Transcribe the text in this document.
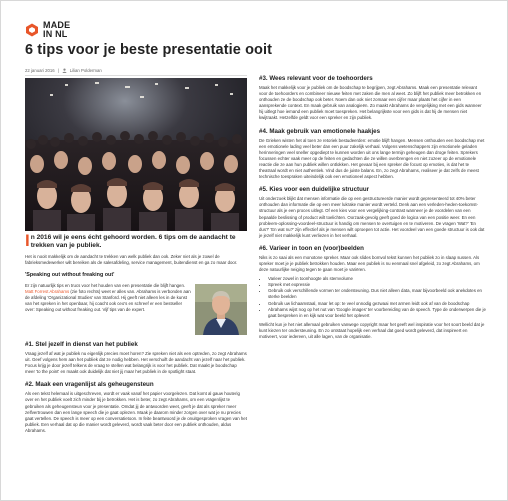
MADE
IN NL
6 tips voor je beste presentatie ooit
22 januari 2016 |	Lilian Polderman

In 2016 wil je eens écht gehoord worden. 6 tips om de aandacht te trekken van je publiek.

Het is nooit makkelijk om de aandacht te trekken van welk publiek dan ook. Zeker niet als je zowel de fabrieksmedewerker wilt bereiken als de salesafdeling, service management, buitendienst en ga zo maar door.

'Speaking out without freaking out'

Er zijn natuurlijk tips en trucs voor het houden van een presentatie die blijft hangen. Matt Forrest Abrahams (zie foto rechts) weet er alles van. Abrahams is verbonden aan de afdeling 'Organizational Studies' van Stanford. Hij geeft niet alleen les in de kunst van het spreken in het openbaar, hij coacht ook ceo's en schreef er een bestseller over: Speaking out without freaking out. Vijf tips van de expert.

#1. Stel jezelf in dienst van het publiek

Vraag jezelf af wat je publiek nu eigenlijk precies moet horen? Zie spreken niet als een optreden, zo zegt Abrahams uit. Geef volgens hem aan het publiek dat ze nodig hebben. Het verschuift de aandacht van jezelf naar het publiek. Focus krijg je door jezelf telkens de vraag te stellen wat belangrijk is voor het publiek. Dat maakt je boodschap meer 'to the point' en maakt ook duidelijk dat niet jij maar het publiek in de spotlight staat.

#2. Maak een vragenlijst als geheugensteun

Als een tekst helemaal is uitgeschreven, wordt er vaak vanaf het papier voorgelezen. Dat komt al gauw houterig over en het publiek voelt zich minder bij je betrokken. Het is beter, zo zegt Abrahams, om een vragenlijst te gebruiken als geheugensteun voor je presentatie. Omdat jij de antwoorden weet, geeft je dat als spreker meer zelfvertrouwen dan een lange speech die je gaat oplezen. Maak je daarom minder zorgen over wat je nu precies gaat vertellen. De speech is meer op een conversatietoon. In feite beantwoord je de onuitgesproken vragen van het publiek. Een verhaal dat op die manier wordt geleverd, wordt vaak beter door een publiek onthouden, aldus Abrahams.

#3. Wees relevant voor de toehoorders

Maak het makkelijk voor je publiek om de boodschap te begrijpen, zegt Abrahams. Maak een presentatie relevant voor de toehoorders en combineer nieuwe feiten met zaken die men al weet. Zo blijft het publiek meer betrokken en onthouden ze de boodschap ook beter. Noem dan ook niet zomaar een cijfer maar plaats het cijfer in een aansprekende context. En maak gebruik van analogieën. Zo maakt Abrahams de vergelijking met een gids wanneer hij uitlegt hoe iemand een publiek moet toespreken. Het belangrijkste voor een gids is dat hij de mensen niet kwijtraakt. Hetzelfde geldt voor een spreker en zijn publiek.

#4. Maak gebruik van emotionele haakjes

De Grieken wisten het al toen ze retoriek bestudeerden: emotie blijft hangen. Mensen onthouden een boodschap met een emotionele lading veel beter dan een puur zakelijk verhaal. Volgens wetenschappers zijn emotionele geladen herinneringen veel sneller opgediept te kunnen worden uit ons lange termijn geheugen dan droge feiten. Sprekers focussen echter vaak meer op de feiten en gedachten die ze willen overbrengen en niet zozeer op de emotionele reactie die ze aan hun publiek willen ontlokken. Het gevaar bij een spreker die focust op emoties, is dat het te theatraal wordt en niet authentiek. Vind dus de juiste balans. En, zo zegt Abrahams, realiseer je dat zelfs de meest technische toespraken uiteindelijk ook een emotioneel aspect hebben.

#5. Kies voor een duidelijke structuur

Uit onderzoek blijkt dat mensen informatie die op een gestructureerde manier wordt gepresenteerd tot 40% beter onthouden dan informatie die op een meer lukrake manier wordt verteld. Denk aan een verleden-heden-toekomst-structuur als je een proces uitlegt. Of een kies voor een vergelijking-contrast wanneer je de voordelen van een bepaalde beslissing of product wilt toelichten. Oorzaak-gevolg geeft goed de logica van een positie weer. En een probleem-oplossing-voordeel-structuur is handig om mensen te overtuigen en te motiveren. De vragen 'Wat?' 'En dus?' 'En wat nu?' zijn effectief als je mensen wilt oproepen tot actie. Het voordeel van een goede structuur is ook dat je jezelf niet makkelijk kunt verliezen in het verhaal.

#6. Varieer in toon en (voor)beelden

Niks is zo saai als een monotone spreker. Maar ook slides bomvol tekst kunnen het publiek zo in slaap sussen. Als spreker moet je je publiek betrokken houden. Maar een publiek is nu eenmaal snel afgeleid, zo zegt Abrahams, om deze natuurlijke neiging tegen te gaan moet je variëren.

• Varieer zowel in toonhoogte als stemvolume
• Spreek met expressie
• Gebruik ook verschillende vormen ter ondersteuning. Dus niet alleen data, maar bijvoorbeeld ook anekdotes en sterke beelden
• Gebruik uw lichaamstaal, maar let op: te veel onnodig gezwaai met armen leidt ook af van de boodschap
• Abrahams wijst nog op het nut van 'Google images' ter voorbereiding van de speech. Type de onderwerpen die je gaat bespreken in en kijk wat voor beeld het oplevert

Wellicht kun je het niet allemaal gebruiken vanwege copyright maar het geeft wel inspiratie voor het soort beeld dat je kunt kiezen ter ondersteuning. En zo ontstaat hopelijk een verhaal dat goed wordt geleverd, dat inspireert en motiveert, voor iedereen, uit alle lagen, van de organisatie.
